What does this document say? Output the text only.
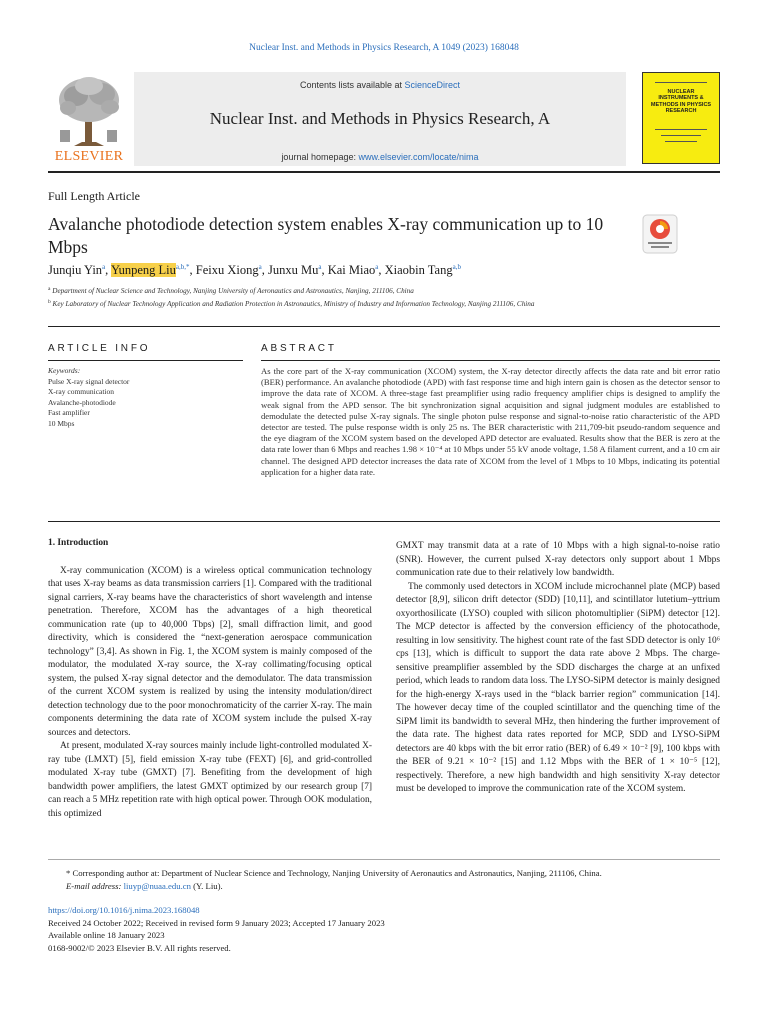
Nuclear Inst. and Methods in Physics Research, A 1049 (2023) 168048
ELSEVIER
Contents lists available at ScienceDirect
Nuclear Inst. and Methods in Physics Research, A
journal homepage: www.elsevier.com/locate/nima
NUCLEAR INSTRUMENTS & METHODS IN PHYSICS RESEARCH
Full Length Article
Avalanche photodiode detection system enables X-ray communication up to 10 Mbps
Junqiu Yin$^a$, Yunpeng Liu$^{a,b,*}$, Feixu Xiong$^a$, Junxu Mu$^a$, Kai Miao$^a$, Xiaobin Tang$^{a,b}$
$^a$ Department of Nuclear Science and Technology, Nanjing University of Aeronautics and Astronautics, Nanjing, 211106, China
$^b$ Key Laboratory of Nuclear Technology Application and Radiation Protection in Astronautics, Ministry of Industry and Information Technology, Nanjing 211106, China
ARTICLE INFO	ABSTRACT
Keywords:
Pulse X-ray signal detector
X-ray communication
Avalanche-photodiode
Fast amplifier
10 Mbps
As the core part of the X-ray communication (XCOM) system, the X-ray detector directly affects the data rate and bit error ratio (BER) performance. An avalanche photodiode (APD) with fast response time and high intern gain is chosen as the detector sensor to improve the data rate of XCOM. A three-stage fast preamplifier using radio frequency amplifier chips is designed to amplify the weak signal from the APD sensor. The bit synchronization signal acquisition and signal judgment modules are established to demodulate the detected pulse X-ray signals. The single photon pulse response and signal-to-noise ratio characteristic of the APD detector are tested. The pulse response width is only 25 ns. The BER characteristic with 211,709-bit pseudo-random sequence and the eye diagram of the XCOM system based on the developed APD detector are evaluated. Results show that the BER is zero at the data rate lower than 6 Mbps and reaches 1.98 × 10⁻⁴ at 10 Mbps under 55 kV anode voltage, 1.58 A filament current, and a 10 cm air channel. The designed APD detector increases the data rate of XCOM from the level of 1 Mbps to 10 Mbps, indicating its potential application for a higher data rate.
1. Introduction

X-ray communication (XCOM) is a wireless optical communication technology that uses X-ray beams as data transmission carriers [1]. Compared with the traditional signal carriers, X-ray beams have the characteristics of short wavelength and intense penetration. Therefore, XCOM has the advantages of a high theoretical communication rate (up to 40,000 Tbps) [2], small diffraction limit, and good directivity, which is considered the “next-generation aerospace communication technology” [3,4]. As shown in Fig. 1, the XCOM system is mainly composed of the modulator, the modulated X-ray source, the X-ray collimating/focusing optical system, the pulsed X-ray signal detector and the demodulator. The data transmission of the current XCOM system is realized by using the intensity modulation/direct detection technology due to the poor monochromaticity of the carrier X-ray. The main components determining the data rate of XCOM system include the pulsed X-ray sources and detectors.

At present, modulated X-ray sources mainly include light-controlled modulated X-ray tube (LMXT) [5], field emission X-ray tube (FEXT) [6], and grid-controlled modulated X-ray tube (GMXT) [7]. Benefiting from the development of high bandwidth power amplifiers, the latest GMXT optimized by our research group [7] can reach a 5 MHz repetition rate with high optical power. Through OOK modulation, this optimized

GMXT may transmit data at a rate of 10 Mbps with a high signal-to-noise ratio (SNR). However, the current pulsed X-ray detectors only support about 1 Mbps communication rate due to their relatively low bandwidth.

The commonly used detectors in XCOM include microchannel plate (MCP) based detector [8,9], silicon drift detector (SDD) [10,11], and scintillator lutetium–yttrium oxyorthosilicate (LYSO) coupled with silicon photomultiplier (SiPM) detector [12]. The MCP detector is affected by the conversion efficiency of the photocathode, resulting in low sensitivity. The highest count rate of the fast SDD detector is only 10⁶ cps [13], which is difficult to support the data rate above 2 Mbps. The charge-sensitive preamplifier assembled by the SDD discharges the charge at an unfixed period, which leads to random data loss. The LYSO-SiPM detector is mainly designed for the high-energy X-rays used in the “black barrier region” communication [14]. The however decay time of the coupled scintillator and the quenching time of the SiPM limit its bandwidth to several MHz, then hindering the further improvement of the data rate. The highest data rates reported for MCP, SDD and LYSO-SiPM detectors are 40 kbps with the bit error ratio (BER) of 6.49 × 10⁻² [9], 100 kbps with the BER of 9.21 × 10⁻² [15] and 1.12 Mbps with the BER of 1 × 10⁻⁵ [12], respectively. Therefore, a new high bandwidth and high sensitivity X-ray detector must be developed to improve the communication rate of the XCOM system.

* Corresponding author at: Department of Nuclear Science and Technology, Nanjing University of Aeronautics and Astronautics, Nanjing, 211106, China.
E-mail address: liuyp@nuaa.edu.cn (Y. Liu).
https://doi.org/10.1016/j.nima.2023.168048
Received 24 October 2022; Received in revised form 9 January 2023; Accepted 17 January 2023
Available online 18 January 2023
0168-9002/© 2023 Elsevier B.V. All rights reserved.
